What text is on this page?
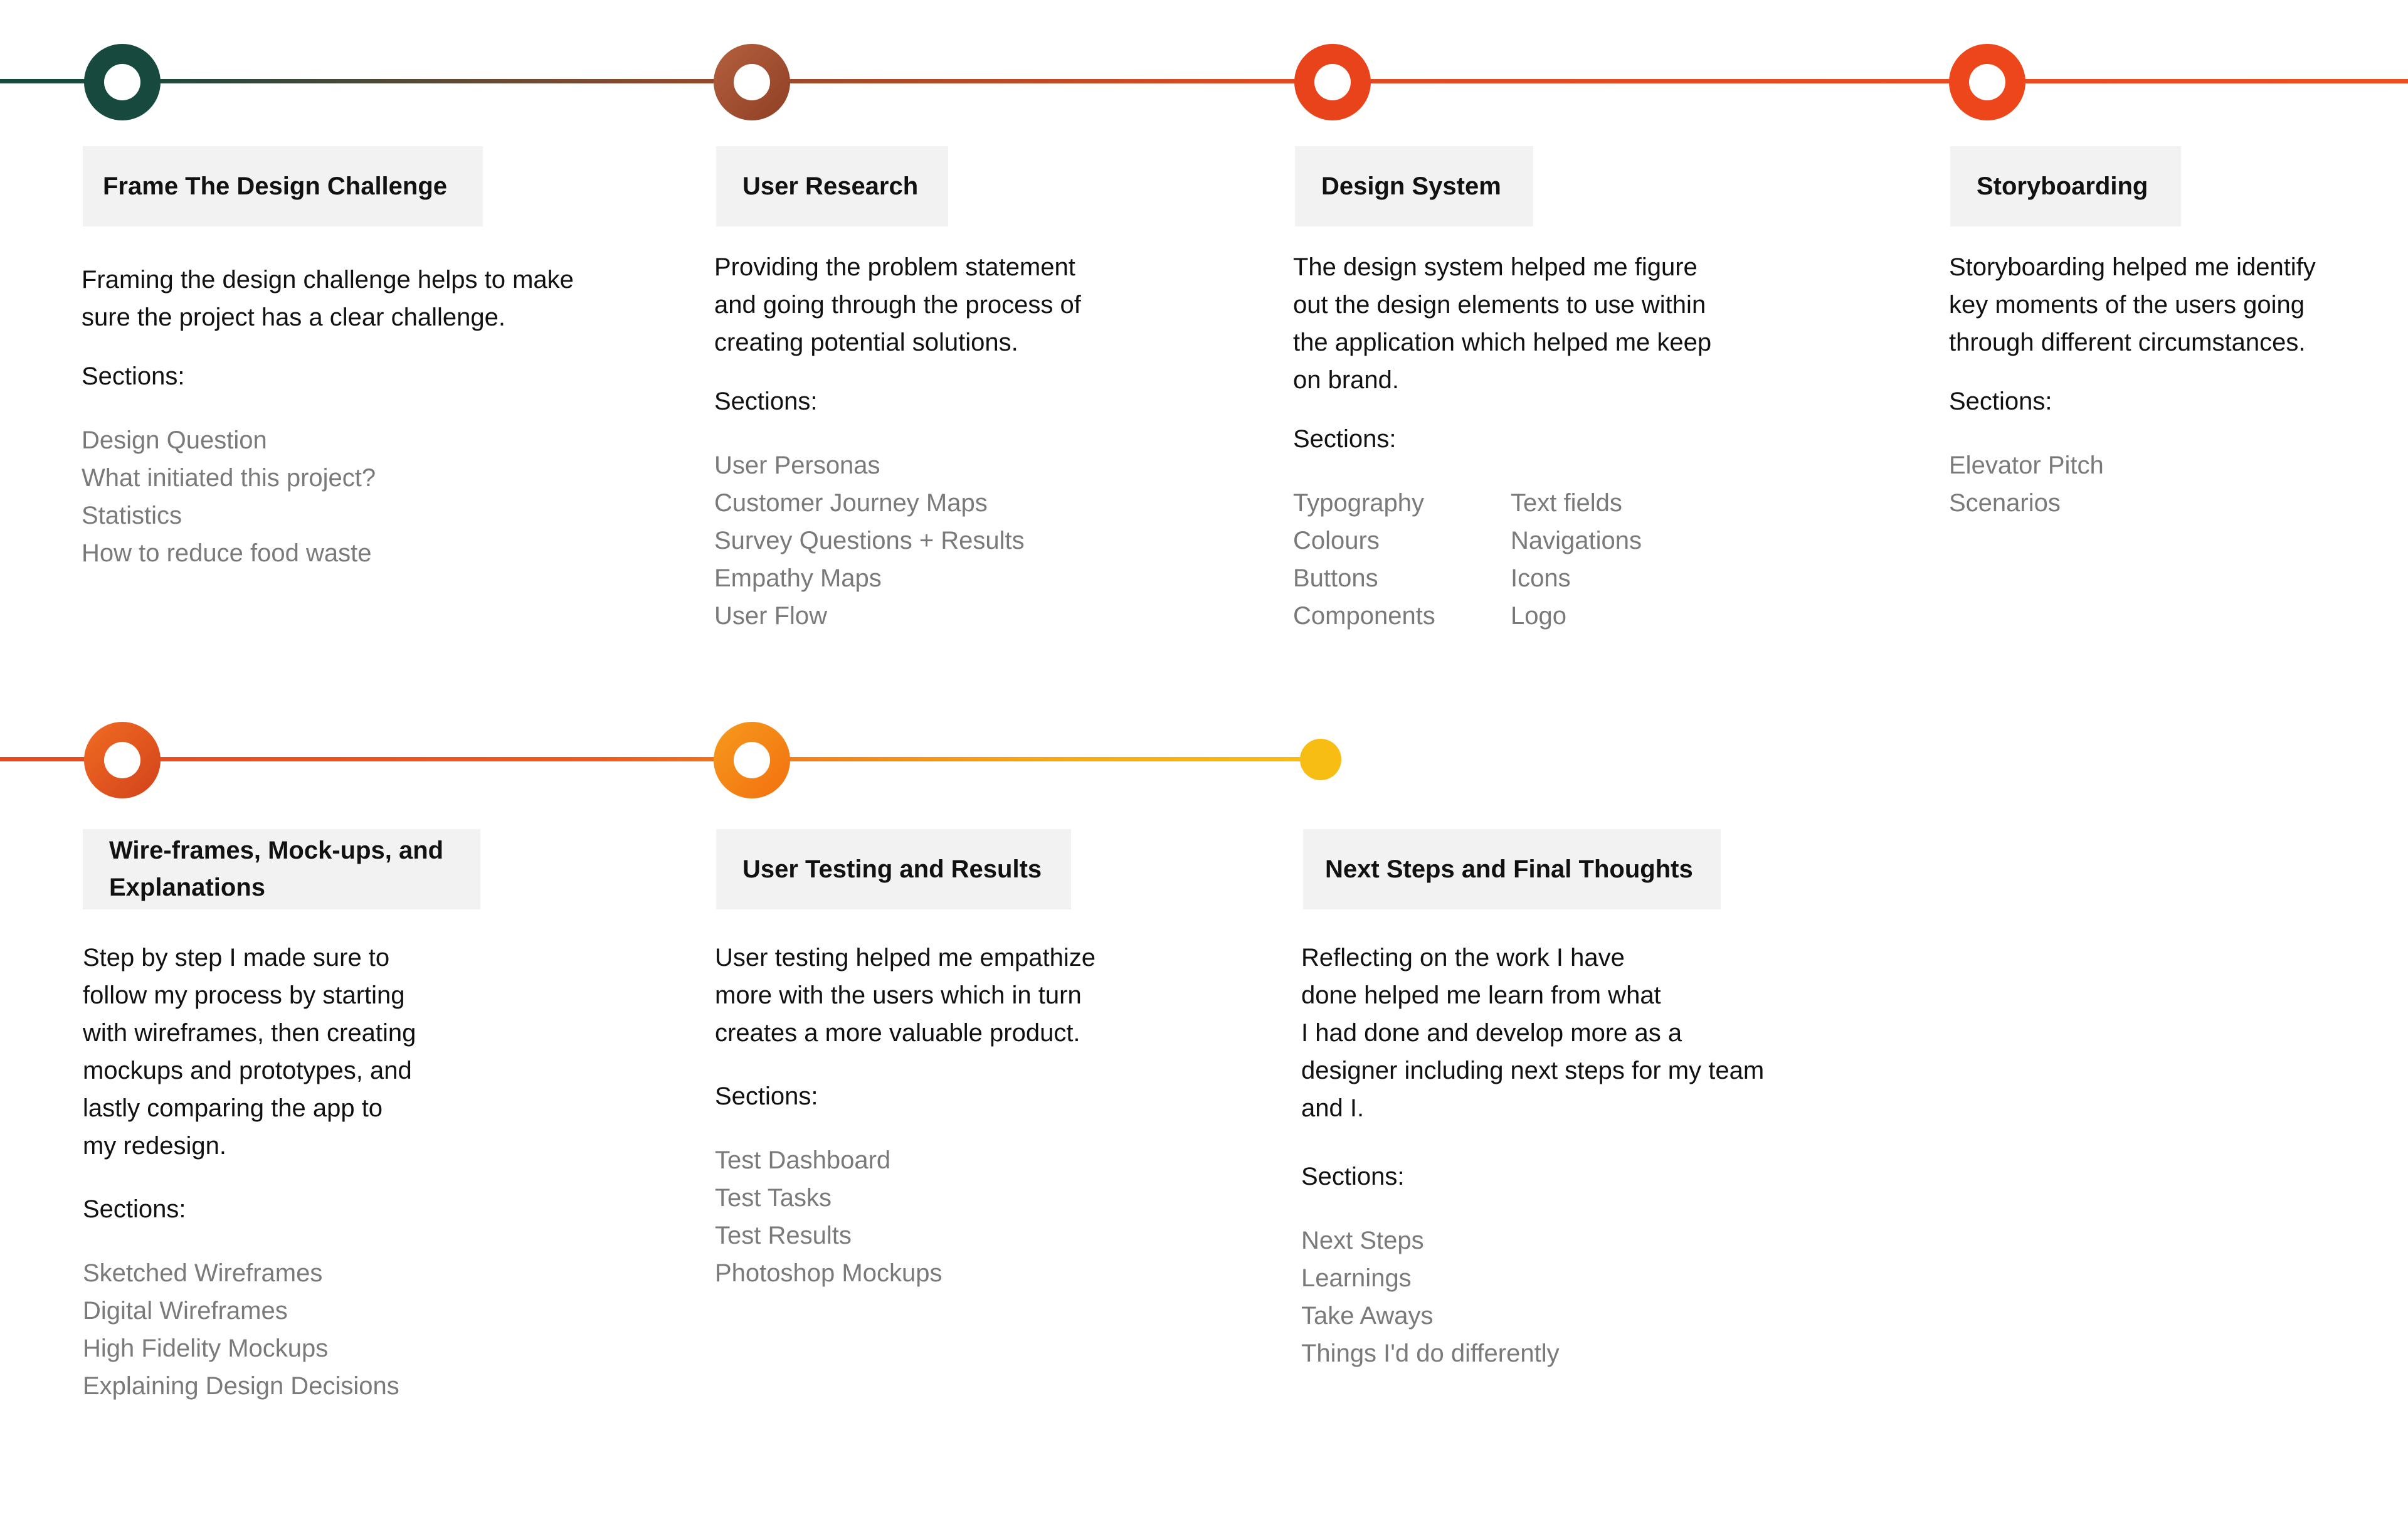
Frame The Design Challenge

Framing the design challenge helps to make
sure the project has a clear challenge.

Sections:
Design Question
What initiated this project?
Statistics
How to reduce food waste
User Research

Providing the problem statement
and going through the process of
creating potential solutions.

Sections:
User Personas
Customer Journey Maps
Survey Questions + Results
Empathy Maps
User Flow
Design System

The design system helped me figure
out the design elements to use within
the application which helped me keep
on brand.

Sections:
Typography
Colours
Buttons
Components
Text fields
Navigations
Icons
Logo
Storyboarding

Storyboarding helped me identify
key moments of the users going
through different circumstances.

Sections:
Elevator Pitch
Scenarios
Wire-frames, Mock-ups, and
Explanations

Step by step I made sure to
follow my process by starting
with wireframes, then creating
mockups and prototypes, and
lastly comparing the app to
my redesign.

Sections:
Sketched Wireframes
Digital Wireframes
High Fidelity Mockups
Explaining Design Decisions
User Testing and Results

User testing helped me empathize
more with the users which in turn
creates a more valuable product.

Sections:
Test Dashboard
Test Tasks
Test Results
Photoshop Mockups
Next Steps and Final Thoughts

Reflecting on the work I have
done helped me learn from what
I had done and develop more as a
designer including next steps for my team
and I.

Sections:
Next Steps
Learnings
Take Aways
Things I'd do differently
